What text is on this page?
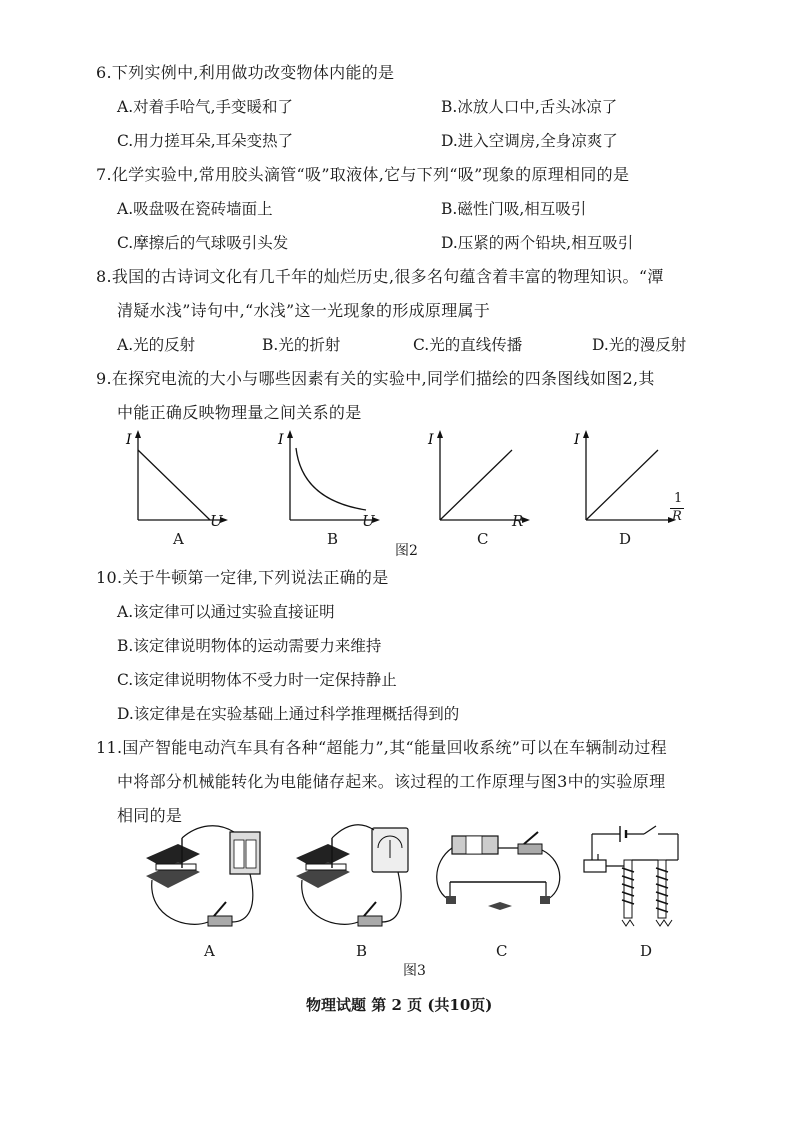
6.下列实例中,利用做功改变物体内能的是
A.对着手哈气,手变暖和了	B.冰放人口中,舌头冰凉了
C.用力搓耳朵,耳朵变热了	D.进入空调房,全身凉爽了
7.化学实验中,常用胶头滴管“吸”取液体,它与下列“吸”现象的原理相同的是
A.吸盘吸在瓷砖墙面上	B.磁性门吸,相互吸引
C.摩擦后的气球吸引头发	D.压紧的两个铅块,相互吸引
8.我国的古诗词文化有几千年的灿烂历史,很多名句蕴含着丰富的物理知识。“潭
清疑水浅”诗句中,“水浅”这一光现象的形成原理属于
A.光的反射	B.光的折射	C.光的直线传播	D.光的漫反射
9.在探究电流的大小与哪些因素有关的实验中,同学们描绘的四条图线如图2,其
中能正确反映物理量之间关系的是
I
U
A
I
U
B
I
R
C
I
1
R
D
图2
10.关于牛顿第一定律,下列说法正确的是
A.该定律可以通过实验直接证明
B.该定律说明物体的运动需要力来维持
C.该定律说明物体不受力时一定保持静止
D.该定律是在实验基础上通过科学推理概括得到的
11.国产智能电动汽车具有各种“超能力”,其“能量回收系统”可以在车辆制动过程
中将部分机械能转化为电能储存起来。该过程的工作原理与图3中的实验原理
相同的是
A	B	C	D
图3
物理试题 第 2 页 (共10页)
